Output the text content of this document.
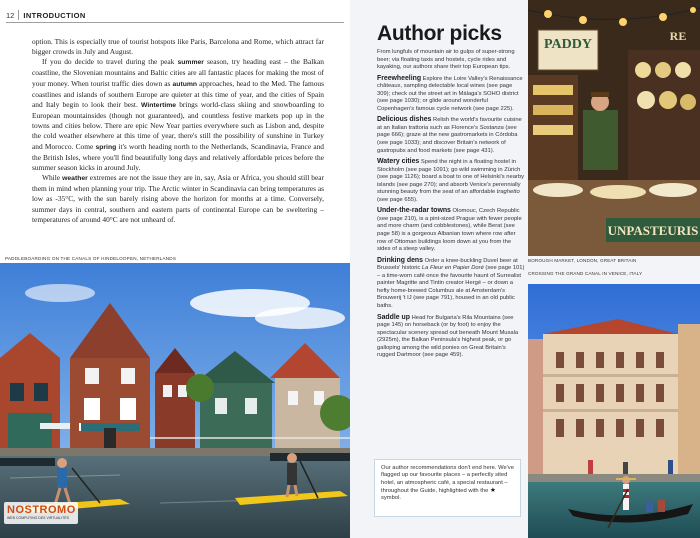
12	INTRODUCTION

option. This is especially true of tourist hotspots like Paris, Barcelona and Rome, which attract far bigger crowds in July and August.

If you do decide to travel during the peak summer season, try heading east – the Balkan coastline, the Slovenian mountains and Baltic cities are all fantastic places for making the most of your money. When tourist traffic dies down as autumn approaches, head to the Med. The famous coastlines and islands of southern Europe are quieter at this time of year, and the cities of Spain and Italy begin to look their best. Wintertime brings world-class skiing and snowboarding to European mountainsides (though not guaranteed), and countless festive markets pop up in the towns and cities below. There are epic New Year parties everywhere such as Lisbon and, despite the cold weather elsewhere at this time of year, there's still the possibility of sunshine in Turkey and Morocco. Come spring it's worth heading north to the Netherlands, Scandinavia, France and the British Isles, where you'll find beautifully long days and relatively affordable prices before the summer season kicks in around July.

While weather extremes are not the issue they are in, say, Asia or Africa, you should still bear them in mind when planning your trip. The Arctic winter in Scandinavia can bring temperatures as low as -35°C, with the sun barely rising above the horizon for months at a time. Conversely, summer days in central, southern and eastern parts of continental Europe can be sweltering – temperatures of around 40°C are not unheard of.

PADDLEBOARDING ON THE CANALS OF HINDELOOPEN, NETHERLANDS
NOSTROMO
WEB COMPUTING DES VIRTUALITÉS
Author picks

From lungfuls of mountain air to gulps of super-strong beer; via floating taxis and hostels, cycle rides and kayaking, our authors share their top European tips.

Freewheeling Explore the Loire Valley's Renaissance châteaux, sampling delectable local wines (see page 309); check out the street art in Málaga's SOHO district (see page 1030); or glide around wonderful Copenhagen's famous cycle network (see page 225).

Delicious dishes Relish the world's favourite cuisine at an Italian trattoria such as Florence's Sostanza (see page 666); graze at the new gastromarkets in Córdoba (see page 1033); and discover Britain's network of gastropubs and food markets (see page 431).

Watery cities Spend the night in a floating hostel in Stockholm (see page 1091); go wild swimming in Zürich (see page 1126); board a boat to one of Helsinki's nearby islands (see page 270); and absorb Venice's perennially stunning beauty from the seat of an affordable traghetto (see page 655).

Under-the-radar towns Olomouc, Czech Republic (see page 210), is a pint-sized Prague with fewer people and more charm (and cobblestones), while Berat (see page 58) is a gorgeous Albanian town where row after row of Ottoman buildings loom down at you from the sides of a steep valley.

Drinking dens Order a knee-buckling Duvel beer at Brussels' historic La Fleur en Papier Doré (see page 101) – a time-worn café once the favourite haunt of Surrealist painter Magritte and Tintin creator Hergé – or down a hefty home-brewed Columbus ale at Amsterdam's Brouwerij 't IJ (see page 791), housed in an old public baths.

Saddle up Head for Bulgaria's Rila Mountains (see page 145) on horseback (or by foot) to enjoy the spectacular scenery spread out beneath Mount Musala (2925m), the Balkan Peninsula's highest peak, or go galloping among the wild ponies on Great Britain's rugged Dartmoor (see page 459).

Our author recommendations don't end here. We've flagged up our favourite places – a perfectly sited hotel, an atmospheric café, a special restaurant – throughout the Guide, highlighted with the ★ symbol.
PADDY
RE
UNPASTEURIS
BOROUGH MARKET, LONDON, GREAT BRITAIN
CROSSING THE GRAND CANAL IN VENICE, ITALY
